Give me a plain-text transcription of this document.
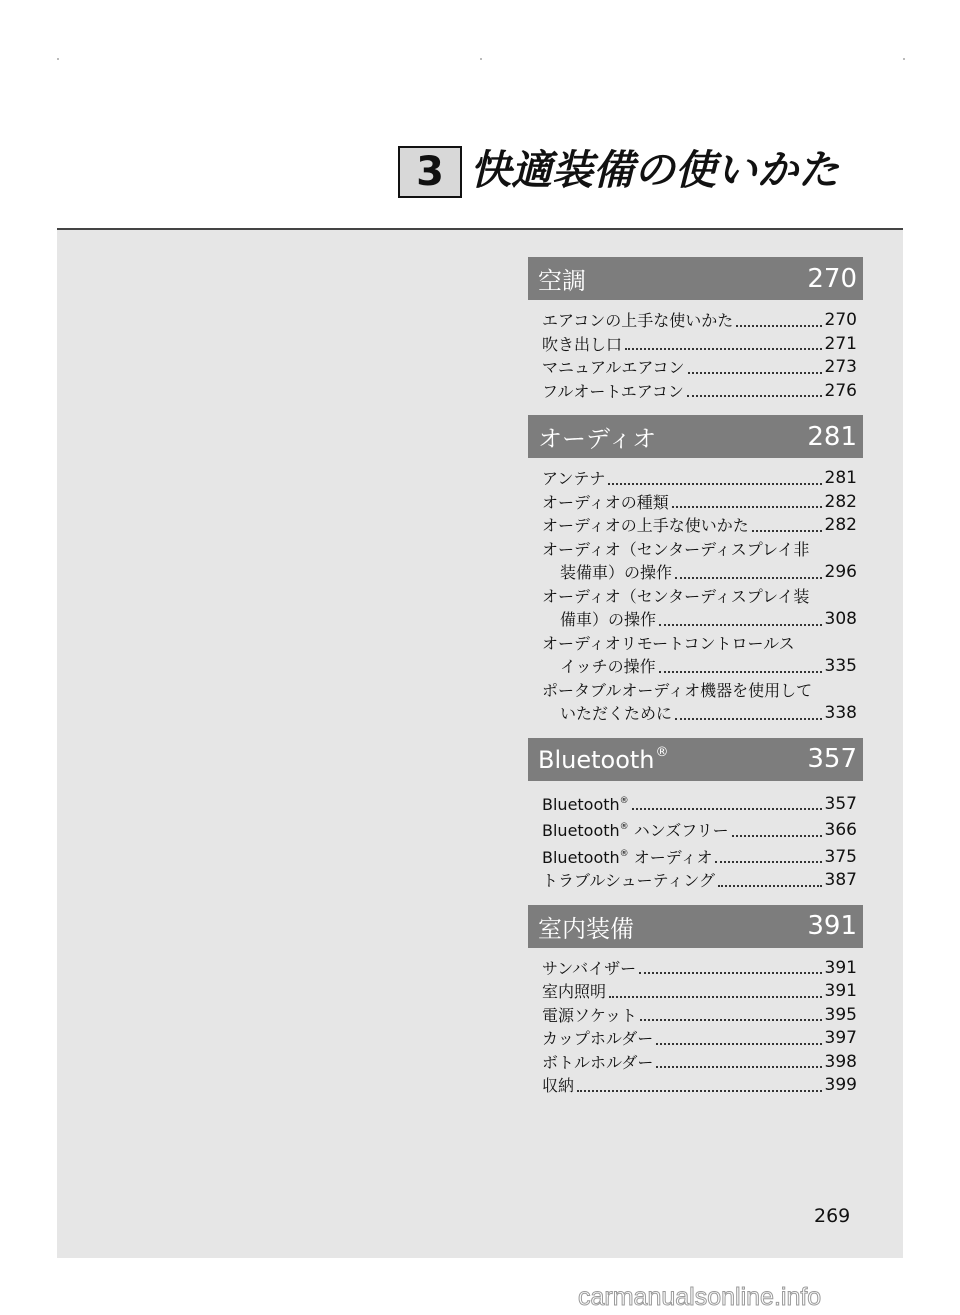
3 快適装備の使いかた
空調	270
エアコンの上手な使いかた	270
吹き出し口	271
マニュアルエアコン	273
フルオートエアコン	276
オーディオ	281
アンテナ	281
オーディオの種類	282
オーディオの上手な使いかた	282
オーディオ（センターディスプレイ非
装備車）の操作	296
オーディオ（センターディスプレイ装
備車）の操作	308
オーディオリモートコントロールス
イッチの操作	335
ポータブルオーディオ機器を使用して
いただくために	338
Bluetooth®	357
Bluetooth®	357
Bluetooth® ハンズフリー	366
Bluetooth® オーディオ	375
トラブルシューティング	387
室内装備	391
サンバイザー	391
室内照明	391
電源ソケット	395
カップホルダー	397
ボトルホルダー	398
収納	399
269
carmanualsonline.info
